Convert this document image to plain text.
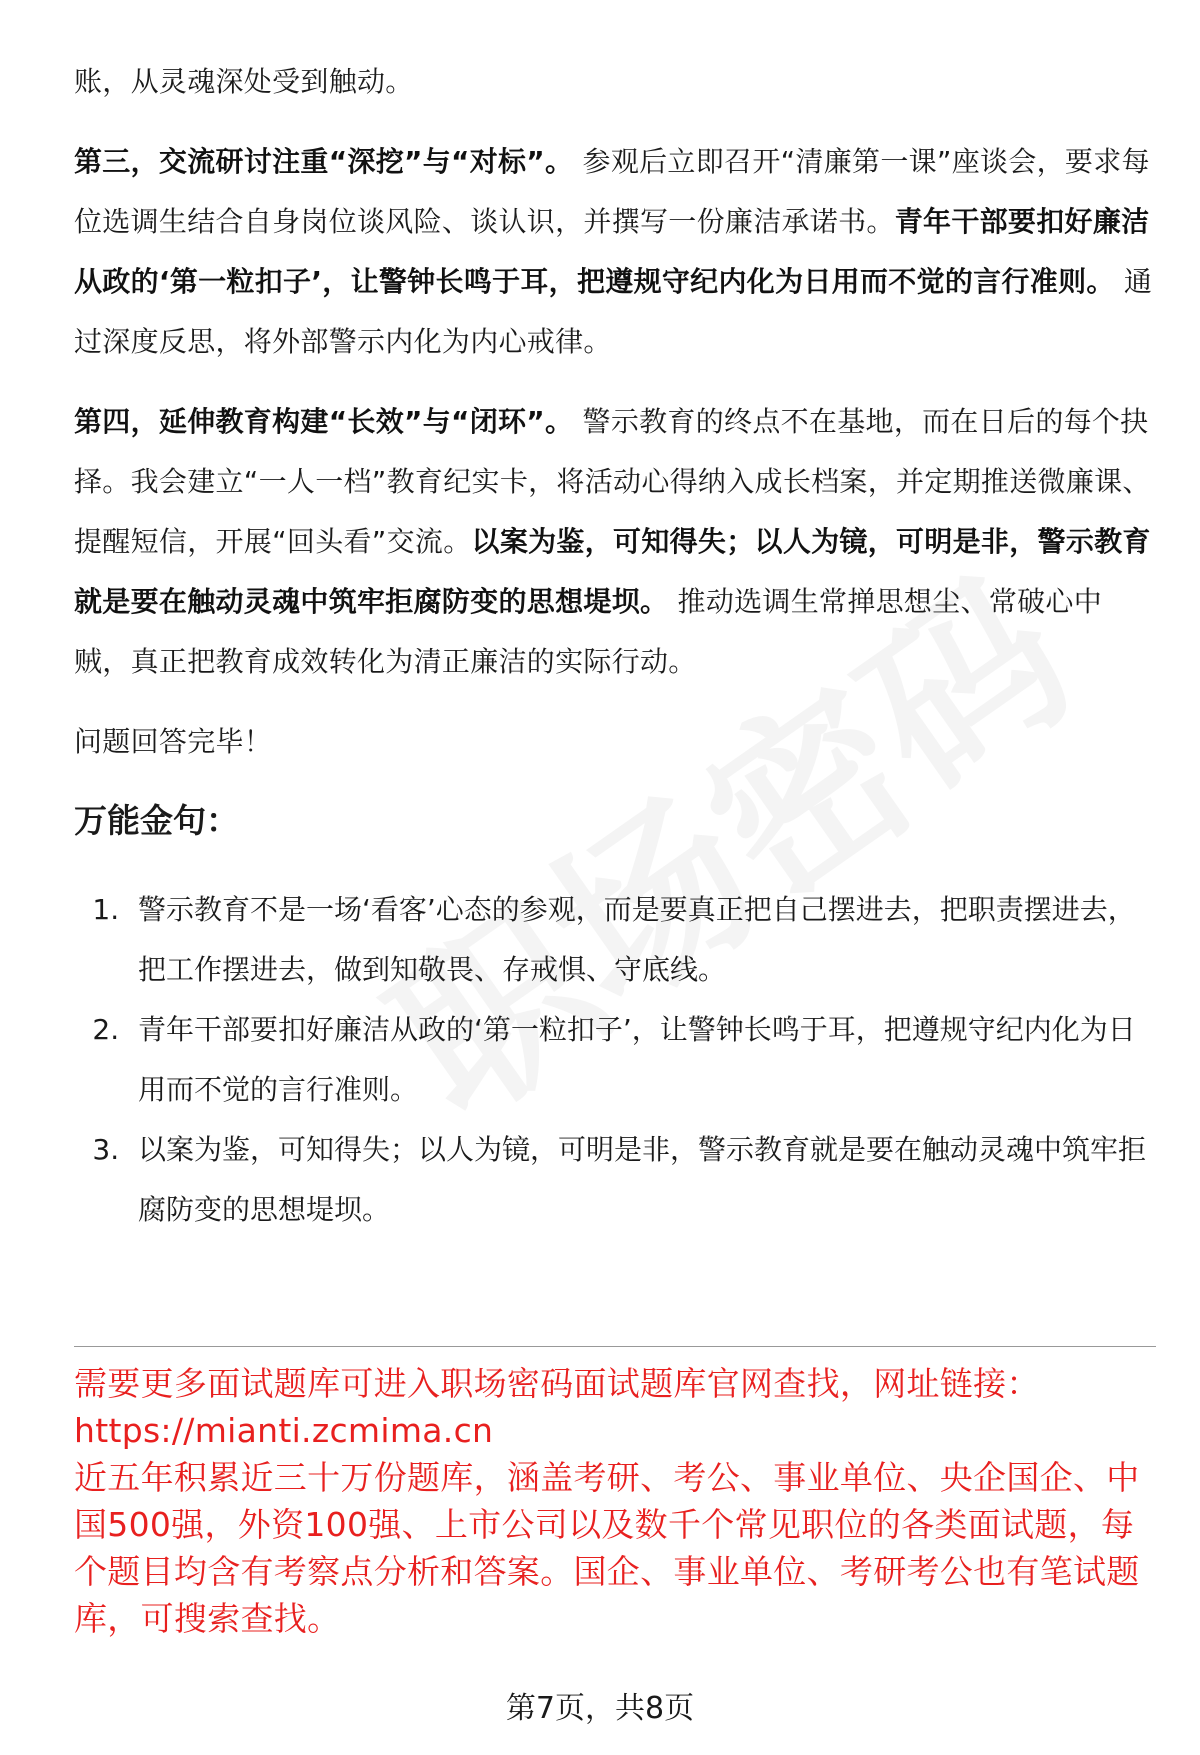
账，从灵魂深处受到触动。

第三，交流研讨注重“深挖”与“对标”。 参观后立即召开“清廉第一课”座谈会，要求每位选调生结合自身岗位谈风险、谈认识，并撰写一份廉洁承诺书。青年干部要扣好廉洁从政的‘第一粒扣子’，让警钟长鸣于耳，把遵规守纪内化为日用而不觉的言行准则。 通过深度反思，将外部警示内化为内心戒律。

第四，延伸教育构建“长效”与“闭环”。 警示教育的终点不在基地，而在日后的每个抉择。我会建立“一人一档”教育纪实卡，将活动心得纳入成长档案，并定期推送微廉课、提醒短信，开展“回头看”交流。以案为鉴，可知得失；以人为镜，可明是非，警示教育就是要在触动灵魂中筑牢拒腐防变的思想堤坝。 推动选调生常掸思想尘、常破心中贼，真正把教育成效转化为清正廉洁的实际行动。

问题回答完毕！

万能金句：

1. 警示教育不是一场‘看客’心态的参观，而是要真正把自己摆进去，把职责摆进去，把工作摆进去，做到知敬畏、存戒惧、守底线。
2. 青年干部要扣好廉洁从政的‘第一粒扣子’，让警钟长鸣于耳，把遵规守纪内化为日用而不觉的言行准则。
3. 以案为鉴，可知得失；以人为镜，可明是非，警示教育就是要在触动灵魂中筑牢拒腐防变的思想堤坝。

需要更多面试题库可进入职场密码面试题库官网查找，网址链接：

https://mianti.zcmima.cn

近五年积累近三十万份题库，涵盖考研、考公、事业单位、央企国企、中国500强，外资100强、上市公司以及数千个常见职位的各类面试题，每个题目均含有考察点分析和答案。国企、事业单位、考研考公也有笔试题库，可搜索查找。

第7页，共8页
